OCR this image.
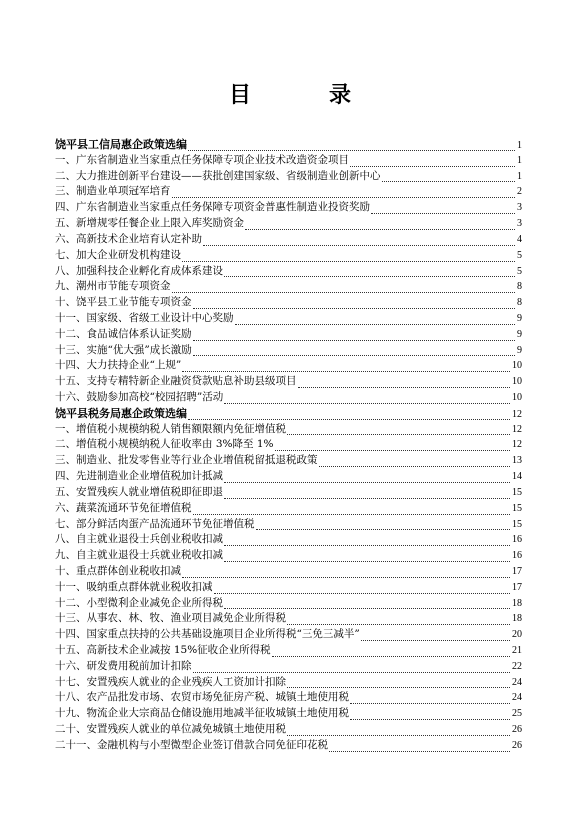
目　录
饶平县工信局惠企政策选编	1
一、广东省制造业当家重点任务保障专项企业技术改造资金项目	1
二、大力推进创新平台建设——获批创建国家级、省级制造业创新中心	1
三、制造业单项冠军培育	2
四、广东省制造业当家重点任务保障专项资金普惠性制造业投资奖励	3
五、新增规零任餐企业上限入库奖励资金	3
六、高新技术企业培育认定补助	4
七、加大企业研发机构建设	5
八、加强科技企业孵化育成体系建设	5
九、潮州市节能专项资金	8
十、饶平县工业节能专项资金	8
十一、国家级、省级工业设计中心奖励	9
十二、食品诚信体系认证奖励	9
十三、实施“优大强”成长激励	9
十四、大力扶持企业“上规”	10
十五、支持专精特新企业融资贷款贴息补助县级项目	10
十六、鼓励参加高校“校园招聘”活动	10
饶平县税务局惠企政策选编	12
一、增值税小规模纳税人销售额限额内免征增值税	12
二、增值税小规模纳税人征收率由 3%降至 1%	12
三、制造业、批发零售业等行业企业增值税留抵退税政策	13
四、先进制造业企业增值税加计抵减	14
五、安置残疾人就业增值税即征即退	15
六、蔬菜流通环节免征增值税	15
七、部分鲜活肉蛋产品流通环节免征增值税	15
八、自主就业退役士兵创业税收扣减	16
九、自主就业退役士兵就业税收扣减	16
十、重点群体创业税收扣减	17
十一、吸纳重点群体就业税收扣减	17
十二、小型微利企业减免企业所得税	18
十三、从事农、林、牧、渔业项目减免企业所得税	18
十四、国家重点扶持的公共基础设施项目企业所得税“三免三减半”	20
十五、高新技术企业减按 15%征收企业所得税	21
十六、研发费用税前加计扣除	22
十七、安置残疾人就业的企业残疾人工资加计扣除	24
十八、农产品批发市场、农贸市场免征房产税、城镇土地使用税	24
十九、物流企业大宗商品仓储设施用地减半征收城镇土地使用税	25
二十、安置残疾人就业的单位减免城镇土地使用税	26
二十一、金融机构与小型微型企业签订借款合同免征印花税	26
